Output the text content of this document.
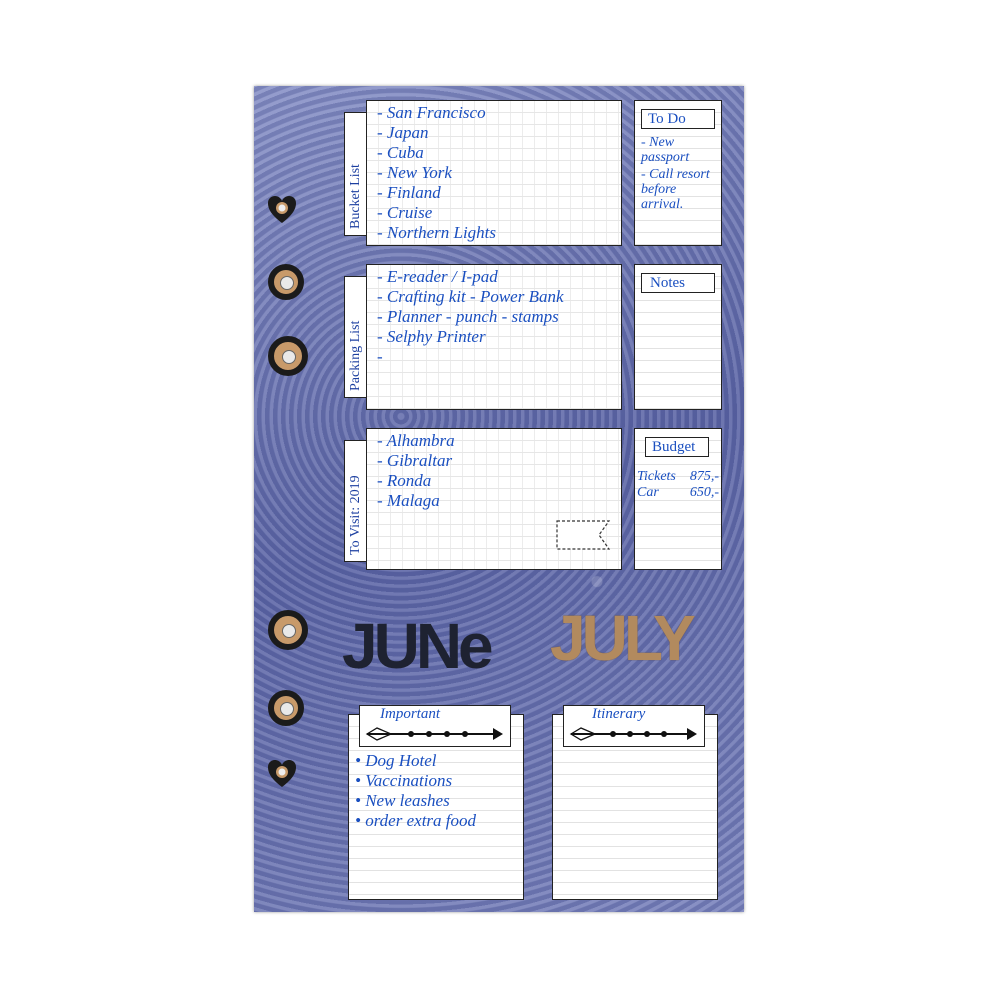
Bucket List
- San Francisco
- Japan
- Cuba
- New York
- Finland
- Cruise
- Northern Lights
To Do
- New passport
- Call resort before arrival.
Packing List
- E-reader / I-pad
- Crafting kit - Power Bank
- Planner - punch - stamps
- Selphy Printer
-
Notes
To Visit: 2019
- Alhambra
- Gibraltar
- Ronda
- Malaga
Budget
Tickets 875,-
Car 650,-
JUNe JULY
Important
• Dog Hotel
• Vaccinations
• New leashes
• order extra food
Itinerary
